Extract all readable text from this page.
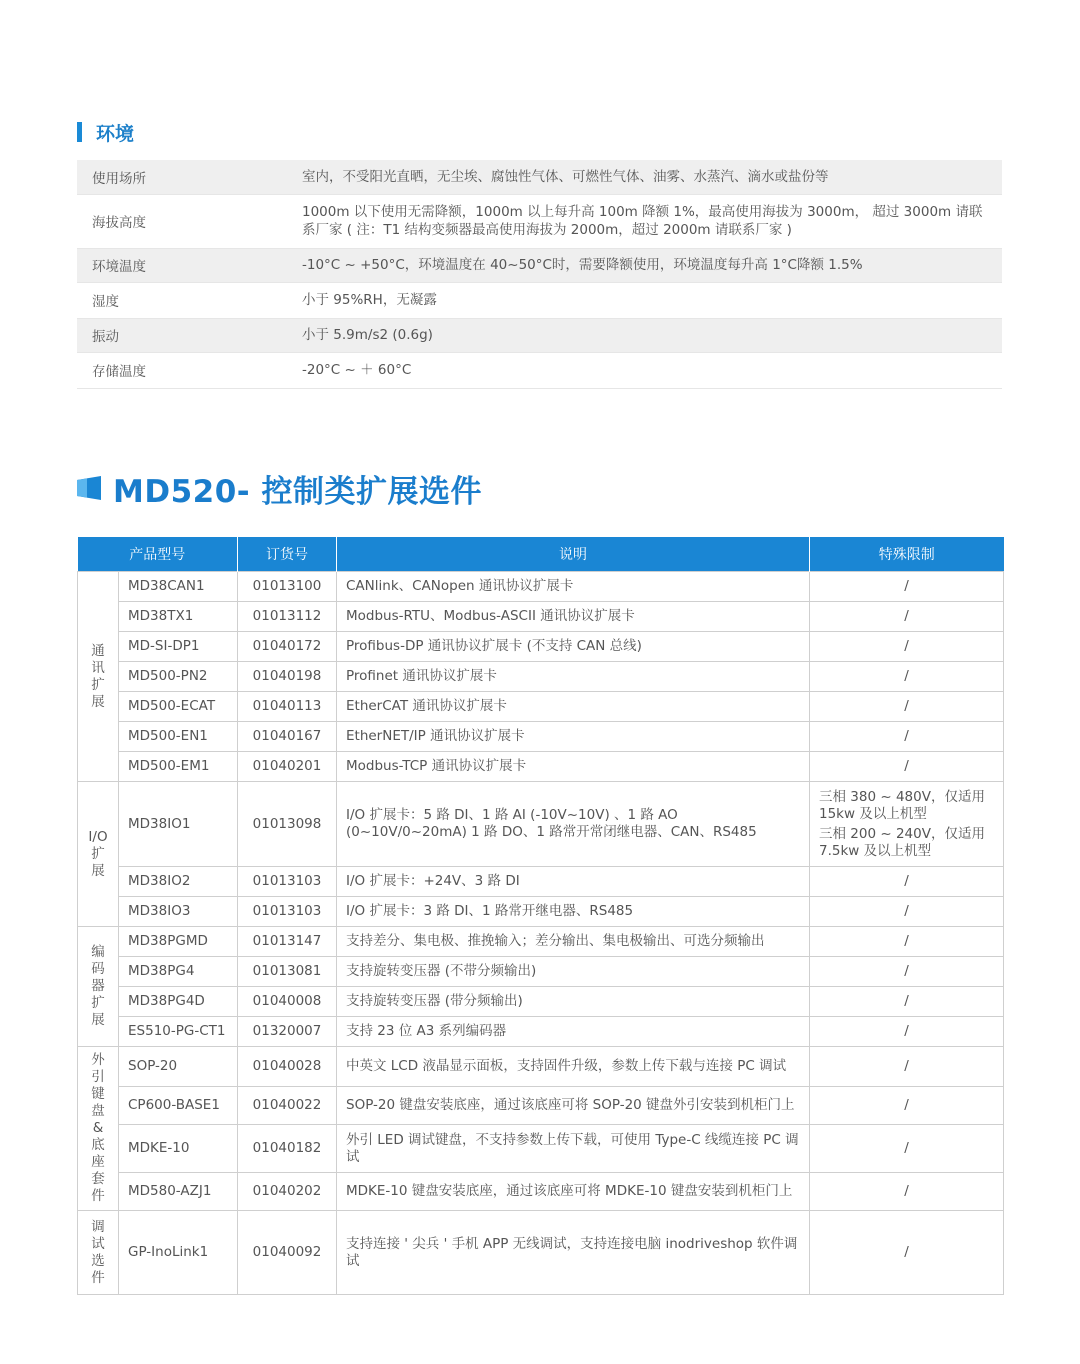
环境
使用场所	室内，不受阳光直晒，无尘埃、腐蚀性气体、可燃性气体、油雾、水蒸汽、滴水或盐份等
海拔高度	1000m 以下使用无需降额，1000m 以上每升高 100m 降额 1%，最高使用海拔为 3000m， 超过 3000m 请联系厂家 ( 注：T1 结构变频器最高使用海拔为 2000m，超过 2000m 请联系厂家 )
环境温度	-10°C ~ +50°C，环境温度在 40~50°C时，需要降额使用，环境温度每升高 1°C降额 1.5%
湿度	小于 95%RH，无凝露
振动	小于 5.9m/s2 (0.6g)
存储温度	-20°C ~ ＋ 60°C
MD520- 控制类扩展选件
产品型号		订货号	说明	特殊限制
通讯扩展	MD38CAN1	01013100	CANlink、CANopen 通讯协议扩展卡	/
	MD38TX1	01013112	Modbus-RTU、Modbus-ASCII 通讯协议扩展卡	/
	MD-SI-DP1	01040172	Profibus-DP 通讯协议扩展卡 (不支持 CAN 总线)	/
	MD500-PN2	01040198	Profinet 通讯协议扩展卡	/
	MD500-ECAT	01040113	EtherCAT 通讯协议扩展卡	/
	MD500-EN1	01040167	EtherNET/IP 通讯协议扩展卡	/
	MD500-EM1	01040201	Modbus-TCP 通讯协议扩展卡	/
I/O扩展	MD38IO1	01013098	I/O 扩展卡：5 路 DI、1 路 AI (-10V~10V) 、1 路 AO (0~10V/0~20mA) 1 路 DO、1 路常开常闭继电器、CAN、RS485	三相 380 ~ 480V，仅适用 15kw 及以上机型
三相 200 ~ 240V，仅适用 7.5kw 及以上机型

	MD38IO2	01013103	I/O 扩展卡：+24V、3 路 DI	/
	MD38IO3	01013103	I/O 扩展卡：3 路 DI、1 路常开继电器、RS485	/
编码器扩展	MD38PGMD	01013147	支持差分、集电极、推挽输入；差分输出、集电极输出、可选分频输出	/
	MD38PG4	01013081	支持旋转变压器 (不带分频输出)	/
	MD38PG4D	01040008	支持旋转变压器 (带分频输出)	/
	ES510-PG-CT1	01320007	支持 23 位 A3 系列编码器	/
外引键盘&底座套件	SOP-20	01040028	中英文 LCD 液晶显示面板，支持固件升级，参数上传下载与连接 PC 调试	/
	CP600-BASE1	01040022	SOP-20 键盘安装底座，通过该底座可将 SOP-20 键盘外引安装到机柜门上	/
	MDKE-10	01040182	外引 LED 调试键盘，不支持参数上传下载，可使用 Type-C 线缆连接 PC 调试	/
	MD580-AZJ1	01040202	MDKE-10 键盘安装底座，通过该底座可将 MDKE-10 键盘安装到机柜门上	/
调试选件	GP-InoLink1	01040092	支持连接 ' 尖兵 ' 手机 APP 无线调试，支持连接电脑 inodriveshop 软件调试	/
